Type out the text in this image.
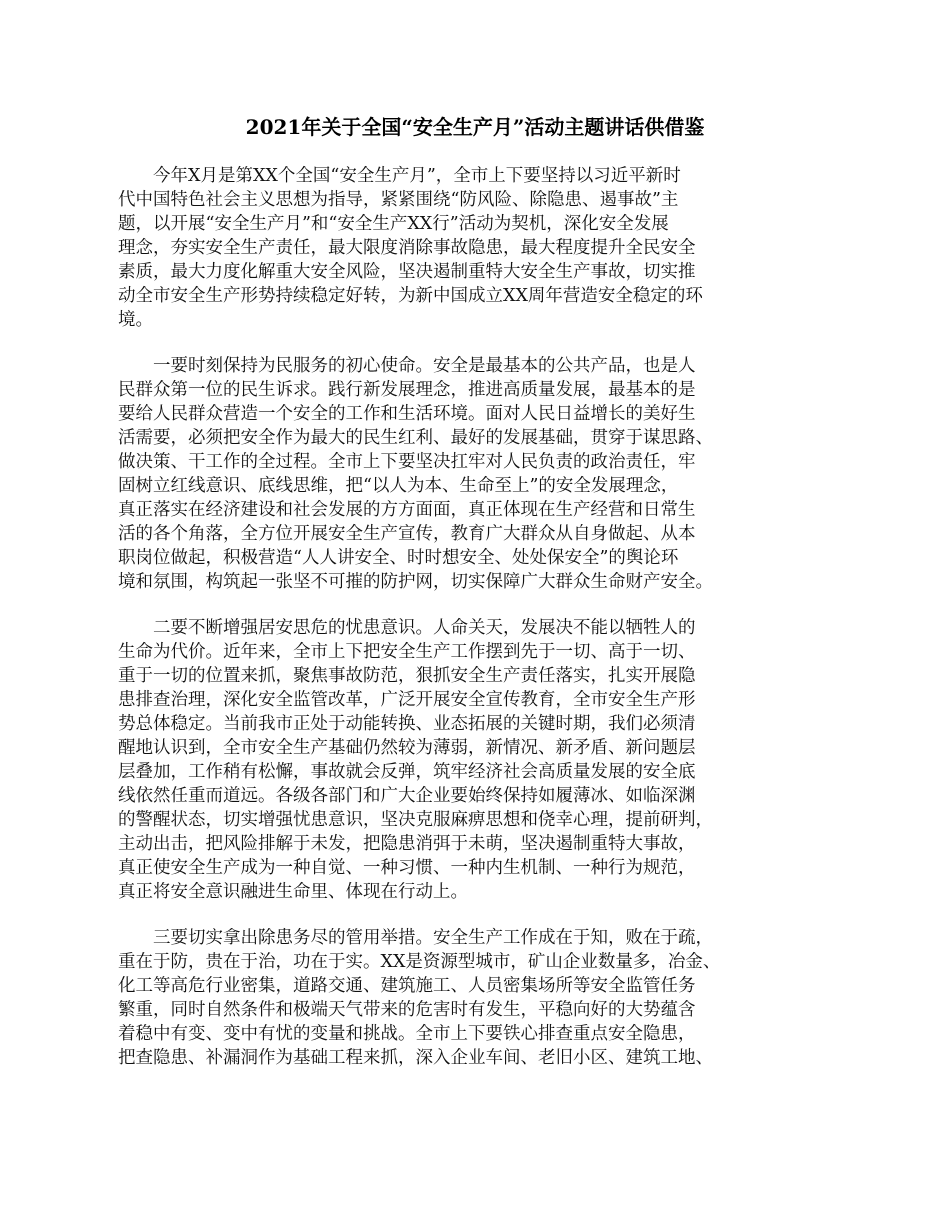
2021年关于全国“安全生产月”活动主题讲话供借鉴
　　今年X月是第XX个全国“安全生产月”，全市上下要坚持以习近平新时
代中国特色社会主义思想为指导，紧紧围绕“防风险、除隐患、遏事故”主
题，以开展“安全生产月”和“安全生产XX行”活动为契机，深化安全发展
理念，夯实安全生产责任，最大限度消除事故隐患，最大程度提升全民安全
素质，最大力度化解重大安全风险，坚决遏制重特大安全生产事故，切实推
动全市安全生产形势持续稳定好转，为新中国成立XX周年营造安全稳定的环
境。
　　一要时刻保持为民服务的初心使命。安全是最基本的公共产品，也是人
民群众第一位的民生诉求。践行新发展理念，推进高质量发展，最基本的是
要给人民群众营造一个安全的工作和生活环境。面对人民日益增长的美好生
活需要，必须把安全作为最大的民生红利、最好的发展基础，贯穿于谋思路、
做决策、干工作的全过程。全市上下要坚决扛牢对人民负责的政治责任，牢
固树立红线意识、底线思维，把“以人为本、生命至上”的安全发展理念，
真正落实在经济建设和社会发展的方方面面，真正体现在生产经营和日常生
活的各个角落，全方位开展安全生产宣传，教育广大群众从自身做起、从本
职岗位做起，积极营造“人人讲安全、时时想安全、处处保安全”的舆论环
境和氛围，构筑起一张坚不可摧的防护网，切实保障广大群众生命财产安全。
　　二要不断增强居安思危的忧患意识。人命关天，发展决不能以牺牲人的
生命为代价。近年来，全市上下把安全生产工作摆到先于一切、高于一切、
重于一切的位置来抓，聚焦事故防范，狠抓安全生产责任落实，扎实开展隐
患排查治理，深化安全监管改革，广泛开展安全宣传教育，全市安全生产形
势总体稳定。当前我市正处于动能转换、业态拓展的关键时期，我们必须清
醒地认识到，全市安全生产基础仍然较为薄弱，新情况、新矛盾、新问题层
层叠加，工作稍有松懈，事故就会反弹，筑牢经济社会高质量发展的安全底
线依然任重而道远。各级各部门和广大企业要始终保持如履薄冰、如临深渊
的警醒状态，切实增强忧患意识，坚决克服麻痹思想和侥幸心理，提前研判，
主动出击，把风险排解于未发，把隐患消弭于未萌，坚决遏制重特大事故，
真正使安全生产成为一种自觉、一种习惯、一种内生机制、一种行为规范，
真正将安全意识融进生命里、体现在行动上。
　　三要切实拿出除患务尽的管用举措。安全生产工作成在于知，败在于疏，
重在于防，贵在于治，功在于实。XX是资源型城市，矿山企业数量多，冶金、
化工等高危行业密集，道路交通、建筑施工、人员密集场所等安全监管任务
繁重，同时自然条件和极端天气带来的危害时有发生，平稳向好的大势蕴含
着稳中有变、变中有忧的变量和挑战。全市上下要铁心排查重点安全隐患，
把查隐患、补漏洞作为基础工程来抓，深入企业车间、老旧小区、建筑工地、
